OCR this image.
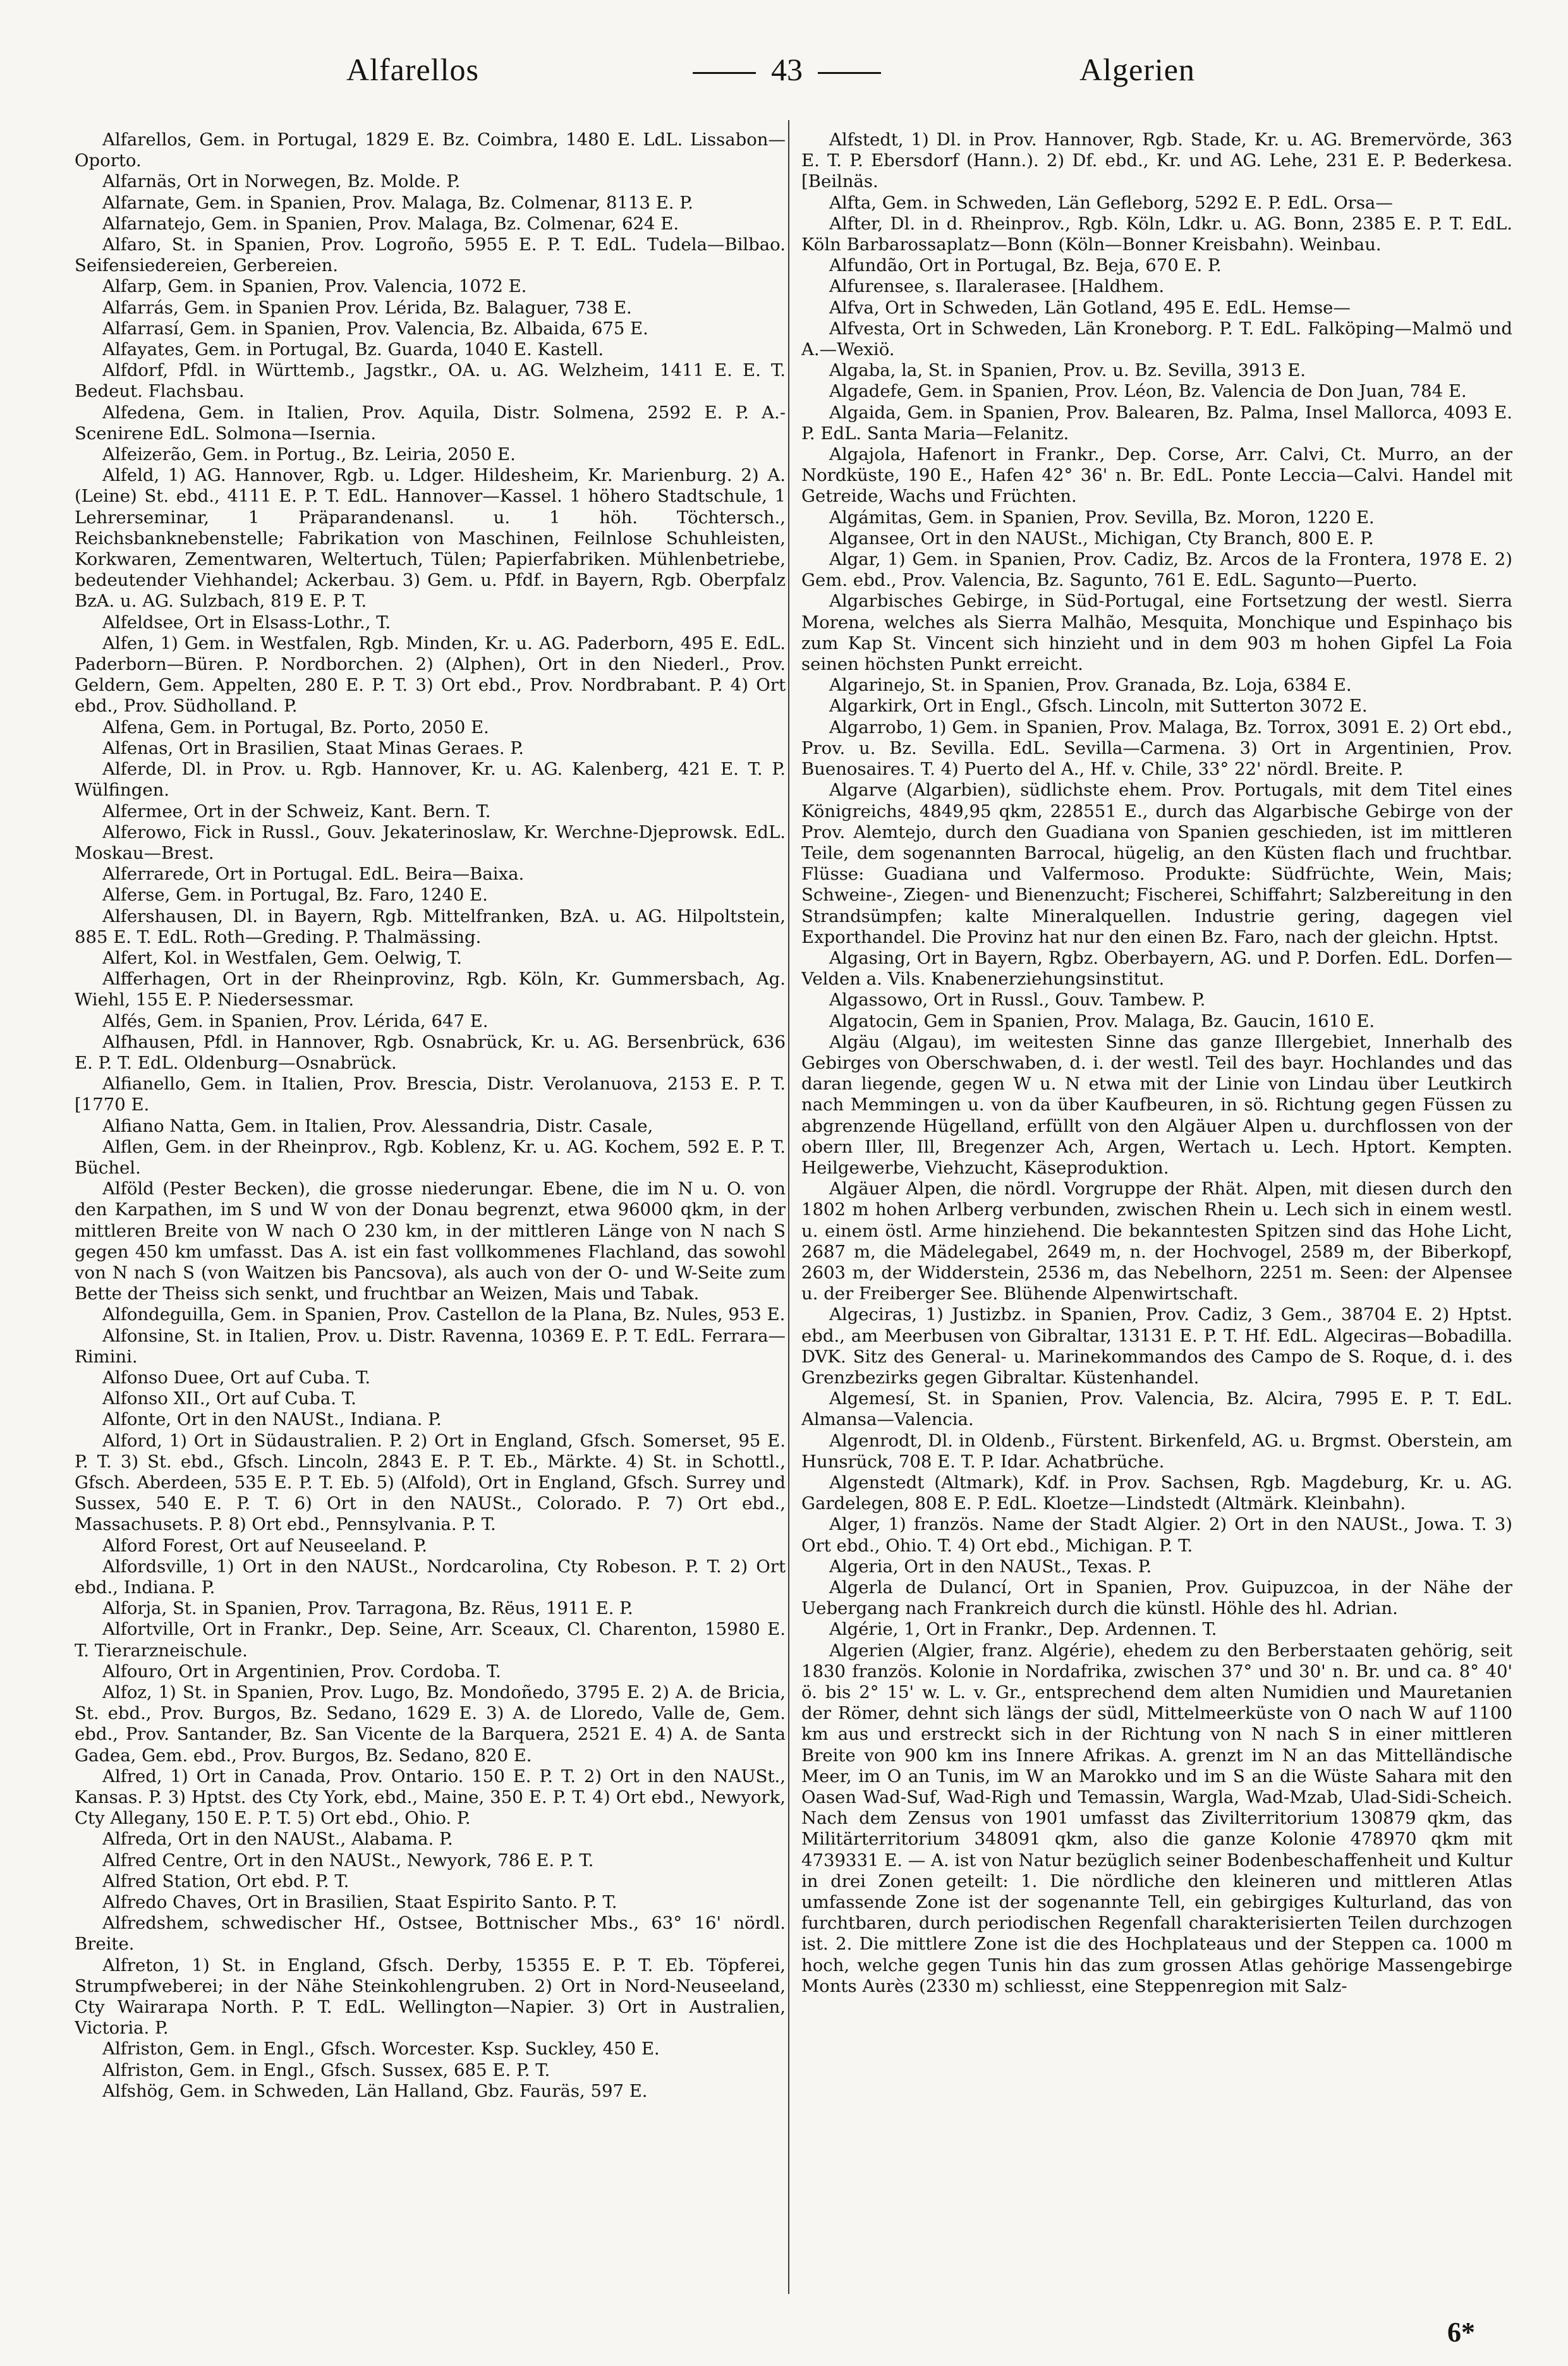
Alfarellos	43	Algerien

Alfarellos, Gem. in Portugal, 1829 E. Bz. Coimbra, 1480 E. LdL. Lissabon—Oporto.

Alfarnäs, Ort in Norwegen, Bz. Molde. P.

Alfarnate, Gem. in Spanien, Prov. Malaga, Bz. Colmenar, 8113 E. P.

Alfarnatejo, Gem. in Spanien, Prov. Malaga, Bz. Colmenar, 624 E.

Alfaro, St. in Spanien, Prov. Logroño, 5955 E. P. T. EdL. Tudela—Bilbao. Seifensiedereien, Gerbereien.

Alfarp, Gem. in Spanien, Prov. Valencia, 1072 E.

Alfarrás, Gem. in Spanien Prov. Lérida, Bz. Balaguer, 738 E.

Alfarrasí, Gem. in Spanien, Prov. Valencia, Bz. Albaida, 675 E.

Alfayates, Gem. in Portugal, Bz. Guarda, 1040 E. Kastell.

Alfdorf, Pfdl. in Württemb., Jagstkr., OA. u. AG. Welzheim, 1411 E. E. T. Bedeut. Flachsbau.

Alfedena, Gem. in Italien, Prov. Aquila, Distr. Solmena, 2592 E. P. A.-Scenirene EdL. Solmona—Isernia.

Alfeizerão, Gem. in Portug., Bz. Leiria, 2050 E.

Alfeld, 1) AG. Hannover, Rgb. u. Ldger. Hildesheim, Kr. Marienburg. 2) A. (Leine) St. ebd., 4111 E. P. T. EdL. Hannover—Kassel. 1 höhero Stadtschule, 1 Lehrerseminar, 1 Präparandenansl. u. 1 höh. Töchtersch., Reichsbanknebenstelle; Fabrikation von Maschinen, Feilnlose Schuhleisten, Korkwaren, Zementwaren, Weltertuch, Tülen; Papierfabriken. Mühlenbetriebe, bedeutender Viehhandel; Ackerbau. 3) Gem. u. Pfdf. in Bayern, Rgb. Oberpfalz BzA. u. AG. Sulzbach, 819 E. P. T.

Alfeldsee, Ort in Elsass-Lothr., T.

Alfen, 1) Gem. in Westfalen, Rgb. Minden, Kr. u. AG. Paderborn, 495 E. EdL. Paderborn—Büren. P. Nordborchen. 2) (Alphen), Ort in den Niederl., Prov. Geldern, Gem. Appelten, 280 E. P. T. 3) Ort ebd., Prov. Nordbrabant. P. 4) Ort ebd., Prov. Südholland. P.

Alfena, Gem. in Portugal, Bz. Porto, 2050 E.

Alfenas, Ort in Brasilien, Staat Minas Geraes. P.

Alferde, Dl. in Prov. u. Rgb. Hannover, Kr. u. AG. Kalenberg, 421 E. T. P. Wülfingen.

Alfermee, Ort in der Schweiz, Kant. Bern. T.

Alferowo, Fick in Russl., Gouv. Jekaterinoslaw, Kr. Werchne-Djeprowsk. EdL. Moskau—Brest.

Alferrarede, Ort in Portugal. EdL. Beira—Baixa.

Alferse, Gem. in Portugal, Bz. Faro, 1240 E.

Alfershausen, Dl. in Bayern, Rgb. Mittelfranken, BzA. u. AG. Hilpoltstein, 885 E. T. EdL. Roth—Greding. P. Thalmässing.

Alfert, Kol. in Westfalen, Gem. Oelwig, T.

Alfferhagen, Ort in der Rheinprovinz, Rgb. Köln, Kr. Gummersbach, Ag. Wiehl, 155 E. P. Niedersessmar.

Alfés, Gem. in Spanien, Prov. Lérida, 647 E.

Alfhausen, Pfdl. in Hannover, Rgb. Osnabrück, Kr. u. AG. Bersenbrück, 636 E. P. T. EdL. Oldenburg—Osnabrück.

Alfianello, Gem. in Italien, Prov. Brescia, Distr. Verolanuova, 2153 E. P. T. [1770 E.

Alfiano Natta, Gem. in Italien, Prov. Alessandria, Distr. Casale,

Alflen, Gem. in der Rheinprov., Rgb. Koblenz, Kr. u. AG. Kochem, 592 E. P. T. Büchel.

Alföld (Pester Becken), die grosse niederungar. Ebene, die im N u. O. von den Karpathen, im S und W von der Donau begrenzt, etwa 96000 qkm, in der mittleren Breite von W nach O 230 km, in der mittleren Länge von N nach S gegen 450 km umfasst. Das A. ist ein fast vollkommenes Flachland, das sowohl von N nach S (von Waitzen bis Pancsova), als auch von der O- und W-Seite zum Bette der Theiss sich senkt, und fruchtbar an Weizen, Mais und Tabak.

Alfondeguilla, Gem. in Spanien, Prov. Castellon de la Plana, Bz. Nules, 953 E.

Alfonsine, St. in Italien, Prov. u. Distr. Ravenna, 10369 E. P. T. EdL. Ferrara—Rimini.

Alfonso Duee, Ort auf Cuba. T.

Alfonso XII., Ort auf Cuba. T.

Alfonte, Ort in den NAUSt., Indiana. P.

Alford, 1) Ort in Südaustralien. P. 2) Ort in England, Gfsch. Somerset, 95 E. P. T. 3) St. ebd., Gfsch. Lincoln, 2843 E. P. T. Eb., Märkte. 4) St. in Schottl., Gfsch. Aberdeen, 535 E. P. T. Eb. 5) (Alfold), Ort in England, Gfsch. Surrey und Sussex, 540 E. P. T. 6) Ort in den NAUSt., Colorado. P. 7) Ort ebd., Massachusets. P. 8) Ort ebd., Pennsylvania. P. T.

Alford Forest, Ort auf Neuseeland. P.

Alfordsville, 1) Ort in den NAUSt., Nordcarolina, Cty Robeson. P. T. 2) Ort ebd., Indiana. P.

Alforja, St. in Spanien, Prov. Tarragona, Bz. Rëus, 1911 E. P.

Alfortville, Ort in Frankr., Dep. Seine, Arr. Sceaux, Cl. Charenton, 15980 E. T. Tierarzneischule.

Alfouro, Ort in Argentinien, Prov. Cordoba. T.

Alfoz, 1) St. in Spanien, Prov. Lugo, Bz. Mondoñedo, 3795 E. 2) A. de Bricia, St. ebd., Prov. Burgos, Bz. Sedano, 1629 E. 3) A. de Lloredo, Valle de, Gem. ebd., Prov. Santander, Bz. San Vicente de la Barquera, 2521 E. 4) A. de Santa Gadea, Gem. ebd., Prov. Burgos, Bz. Sedano, 820 E.

Alfred, 1) Ort in Canada, Prov. Ontario. 150 E. P. T. 2) Ort in den NAUSt., Kansas. P. 3) Hptst. des Cty York, ebd., Maine, 350 E. P. T. 4) Ort ebd., Newyork, Cty Allegany, 150 E. P. T. 5) Ort ebd., Ohio. P.

Alfreda, Ort in den NAUSt., Alabama. P.

Alfred Centre, Ort in den NAUSt., Newyork, 786 E. P. T.

Alfred Station, Ort ebd. P. T.

Alfredo Chaves, Ort in Brasilien, Staat Espirito Santo. P. T.

Alfredshem, schwedischer Hf., Ostsee, Bottnischer Mbs., 63° 16' nördl. Breite.

Alfreton, 1) St. in England, Gfsch. Derby, 15355 E. P. T. Eb. Töpferei, Strumpfweberei; in der Nähe Steinkohlengruben. 2) Ort in Nord-Neuseeland, Cty Wairarapa North. P. T. EdL. Wellington—Napier. 3) Ort in Australien, Victoria. P.

Alfriston, Gem. in Engl., Gfsch. Worcester. Ksp. Suckley, 450 E.

Alfriston, Gem. in Engl., Gfsch. Sussex, 685 E. P. T.

Alfshög, Gem. in Schweden, Län Halland, Gbz. Fauräs, 597 E.

Alfstedt, 1) Dl. in Prov. Hannover, Rgb. Stade, Kr. u. AG. Bremervörde, 363 E. T. P. Ebersdorf (Hann.). 2) Df. ebd., Kr. und AG. Lehe, 231 E. P. Bederkesa. [Beilnäs.

Alfta, Gem. in Schweden, Län Gefleborg, 5292 E. P. EdL. Orsa—

Alfter, Dl. in d. Rheinprov., Rgb. Köln, Ldkr. u. AG. Bonn, 2385 E. P. T. EdL. Köln Barbarossaplatz—Bonn (Köln—Bonner Kreisbahn). Weinbau.

Alfundão, Ort in Portugal, Bz. Beja, 670 E. P.

Alfurensee, s. Ilaralerasee. [Haldhem.

Alfva, Ort in Schweden, Län Gotland, 495 E. EdL. Hemse—

Alfvesta, Ort in Schweden, Län Kroneborg. P. T. EdL. Falköping—Malmö und A.—Wexiö.

Algaba, la, St. in Spanien, Prov. u. Bz. Sevilla, 3913 E.

Algadefe, Gem. in Spanien, Prov. Léon, Bz. Valencia de Don Juan, 784 E.

Algaida, Gem. in Spanien, Prov. Balearen, Bz. Palma, Insel Mallorca, 4093 E. P. EdL. Santa Maria—Felanitz.

Algajola, Hafenort in Frankr., Dep. Corse, Arr. Calvi, Ct. Murro, an der Nordküste, 190 E., Hafen 42° 36' n. Br. EdL. Ponte Leccia—Calvi. Handel mit Getreide, Wachs und Früchten.

Algámitas, Gem. in Spanien, Prov. Sevilla, Bz. Moron, 1220 E.

Algansee, Ort in den NAUSt., Michigan, Cty Branch, 800 E. P.

Algar, 1) Gem. in Spanien, Prov. Cadiz, Bz. Arcos de la Frontera, 1978 E. 2) Gem. ebd., Prov. Valencia, Bz. Sagunto, 761 E. EdL. Sagunto—Puerto.

Algarbisches Gebirge, in Süd-Portugal, eine Fortsetzung der westl. Sierra Morena, welches als Sierra Malhão, Mesquita, Monchique und Espinhaço bis zum Kap St. Vincent sich hinzieht und in dem 903 m hohen Gipfel La Foia seinen höchsten Punkt erreicht.

Algarinejo, St. in Spanien, Prov. Granada, Bz. Loja, 6384 E.

Algarkirk, Ort in Engl., Gfsch. Lincoln, mit Sutterton 3072 E.

Algarrobo, 1) Gem. in Spanien, Prov. Malaga, Bz. Torrox, 3091 E. 2) Ort ebd., Prov. u. Bz. Sevilla. EdL. Sevilla—Carmena. 3) Ort in Argentinien, Prov. Buenosaires. T. 4) Puerto del A., Hf. v. Chile, 33° 22' nördl. Breite. P.

Algarve (Algarbien), südlichste ehem. Prov. Portugals, mit dem Titel eines Königreichs, 4849,95 qkm, 228551 E., durch das Algarbische Gebirge von der Prov. Alemtejo, durch den Guadiana von Spanien geschieden, ist im mittleren Teile, dem sogenannten Barrocal, hügelig, an den Küsten flach und fruchtbar. Flüsse: Guadiana und Valfermoso. Produkte: Südfrüchte, Wein, Mais; Schweine-, Ziegen- und Bienenzucht; Fischerei, Schiffahrt; Salzbereitung in den Strandsümpfen; kalte Mineralquellen. Industrie gering, dagegen viel Exporthandel. Die Provinz hat nur den einen Bz. Faro, nach der gleichn. Hptst.

Algasing, Ort in Bayern, Rgbz. Oberbayern, AG. und P. Dorfen. EdL. Dorfen—Velden a. Vils. Knabenerziehungsinstitut.

Algassowo, Ort in Russl., Gouv. Tambew. P.

Algatocin, Gem in Spanien, Prov. Malaga, Bz. Gaucin, 1610 E.

Algäu (Algau), im weitesten Sinne das ganze Illergebiet, Innerhalb des Gebirges von Oberschwaben, d. i. der westl. Teil des bayr. Hochlandes und das daran liegende, gegen W u. N etwa mit der Linie von Lindau über Leutkirch nach Memmingen u. von da über Kaufbeuren, in sö. Richtung gegen Füssen zu abgrenzende Hügelland, erfüllt von den Algäuer Alpen u. durchflossen von der obern Iller, Ill, Bregenzer Ach, Argen, Wertach u. Lech. Hptort. Kempten. Heilgewerbe, Viehzucht, Käseproduktion.

Algäuer Alpen, die nördl. Vorgruppe der Rhät. Alpen, mit diesen durch den 1802 m hohen Arlberg verbunden, zwischen Rhein u. Lech sich in einem westl. u. einem östl. Arme hinziehend. Die bekanntesten Spitzen sind das Hohe Licht, 2687 m, die Mädelegabel, 2649 m, n. der Hochvogel, 2589 m, der Biberkopf, 2603 m, der Widderstein, 2536 m, das Nebelhorn, 2251 m. Seen: der Alpensee u. der Freiberger See. Blühende Alpenwirtschaft.

Algeciras, 1) Justizbz. in Spanien, Prov. Cadiz, 3 Gem., 38704 E. 2) Hptst. ebd., am Meerbusen von Gibraltar, 13131 E. P. T. Hf. EdL. Algeciras—Bobadilla. DVK. Sitz des General- u. Marinekommandos des Campo de S. Roque, d. i. des Grenzbezirks gegen Gibraltar. Küstenhandel.

Algemesí, St. in Spanien, Prov. Valencia, Bz. Alcira, 7995 E. P. T. EdL. Almansa—Valencia.

Algenrodt, Dl. in Oldenb., Fürstent. Birkenfeld, AG. u. Brgmst. Oberstein, am Hunsrück, 708 E. T. P. Idar. Achatbrüche.

Algenstedt (Altmark), Kdf. in Prov. Sachsen, Rgb. Magdeburg, Kr. u. AG. Gardelegen, 808 E. P. EdL. Kloetze—Lindstedt (Altmärk. Kleinbahn).

Alger, 1) französ. Name der Stadt Algier. 2) Ort in den NAUSt., Jowa. T. 3) Ort ebd., Ohio. T. 4) Ort ebd., Michigan. P. T.

Algeria, Ort in den NAUSt., Texas. P.

Algerla de Dulancí, Ort in Spanien, Prov. Guipuzcoa, in der Nähe der Uebergang nach Frankreich durch die künstl. Höhle des hl. Adrian.

Algérie, 1, Ort in Frankr., Dep. Ardennen. T.

Algerien (Algier, franz. Algérie), ehedem zu den Berberstaaten gehörig, seit 1830 französ. Kolonie in Nordafrika, zwischen 37° und 30' n. Br. und ca. 8° 40' ö. bis 2° 15' w. L. v. Gr., entsprechend dem alten Numidien und Mauretanien der Römer, dehnt sich längs der südl, Mittelmeerküste von O nach W auf 1100 km aus und erstreckt sich in der Richtung von N nach S in einer mittleren Breite von 900 km ins Innere Afrikas. A. grenzt im N an das Mittelländische Meer, im O an Tunis, im W an Marokko und im S an die Wüste Sahara mit den Oasen Wad-Suf, Wad-Righ und Temassin, Wargla, Wad-Mzab, Ulad-Sidi-Scheich. Nach dem Zensus von 1901 umfasst das Zivilterritorium 130879 qkm, das Militärterritorium 348091 qkm, also die ganze Kolonie 478970 qkm mit 4739331 E. — A. ist von Natur bezüglich seiner Bodenbeschaffenheit und Kultur in drei Zonen geteilt: 1. Die nördliche den kleineren und mittleren Atlas umfassende Zone ist der sogenannte Tell, ein gebirgiges Kulturland, das von furchtbaren, durch periodischen Regenfall charakterisierten Teilen durchzogen ist. 2. Die mittlere Zone ist die des Hochplateaus und der Steppen ca. 1000 m hoch, welche gegen Tunis hin das zum grossen Atlas gehörige Massengebirge Monts Aurès (2330 m) schliesst, eine Steppenregion mit Salz-

6*
